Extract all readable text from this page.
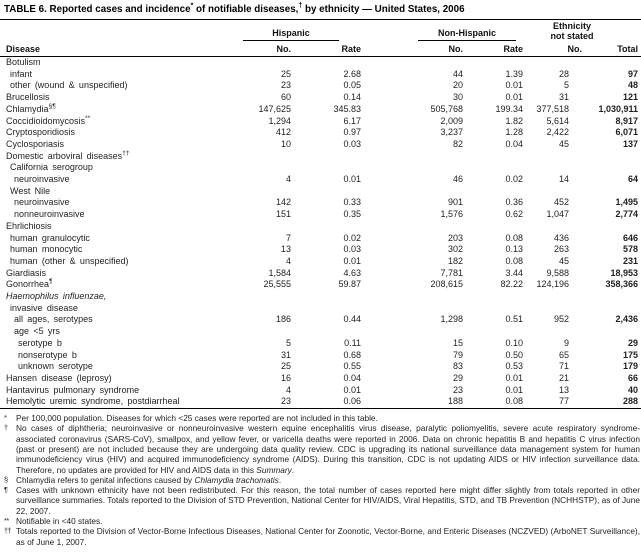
TABLE 6. Reported cases and incidence* of notifiable diseases,† by ethnicity — United States, 2006

Hispanic	Non-Hispanic	Ethnicity
not stated

Disease	No.	Rate	No.	Rate	No.	Total
Botulism						
infant	25	2.68	44	1.39	28	97
other (wound & unspecified)	23	0.05	20	0.01	5	48
Brucellosis	60	0.14	30	0.01	31	121
Chlamydia§¶	147,625	345.83	505,768	199.34	377,518	1,030,911
Coccidioidomycosis**	1,294	6.17	2,009	1.82	5,614	8,917
Cryptosporidiosis	412	0.97	3,237	1.28	2,422	6,071
Cyclosporiasis	10	0.03	82	0.04	45	137
Domestic arboviral diseases††						
California serogroup						
neuroinvasive	4	0.01	46	0.02	14	64
West Nile						
neuroinvasive	142	0.33	901	0.36	452	1,495
nonneuroinvasive	151	0.35	1,576	0.62	1,047	2,774
Ehrlichiosis						
human granulocytic	7	0.02	203	0.08	436	646
human monocytic	13	0.03	302	0.13	263	578
human (other & unspecified)	4	0.01	182	0.08	45	231
Giardiasis	1,584	4.63	7,781	3.44	9,588	18,953
Gonorrhea¶	25,555	59.87	208,615	82.22	124,196	358,366
Haemophilus influenzae,						
invasive disease						
all ages, serotypes	186	0.44	1,298	0.51	952	2,436
age <5 yrs						
serotype b	5	0.11	15	0.10	9	29
nonserotype b	31	0.68	79	0.50	65	175
unknown serotype	25	0.55	83	0.53	71	179
Hansen disease (leprosy)	16	0.04	29	0.01	21	66
Hantavirus pulmonary syndrome	4	0.01	23	0.01	13	40
Hemolytic uremic syndrome, postdiarrheal	23	0.06	188	0.08	77	288
* Per 100,000 population. Diseases for which <25 cases were reported are not included in this table.
† No cases of diphtheria; neuroinvasive or nonneuroinvasive western equine encephalitis virus disease, paralytic poliomyelitis, severe acute respiratory syndrome-associated coronavirus (SARS-CoV), smallpox, and yellow fever, or varicella deaths were reported in 2006. Data on chronic hepatitis B and hepatitis C virus infection (past or present) are not included because they are undergoing data quality review. CDC is upgrading its national surveillance data management system for human immunodeficiency virus (HIV) and acquired immunodeficiency syndrome (AIDS). During this transition, CDC is not updating AIDS or HIV infection surveillance data. Therefore, no updates are provided for HIV and AIDS data in this Summary.
§ Chlamydia refers to genital infections caused by Chlamydia trachomatis.
¶ Cases with unknown ethnicity have not been redistributed. For this reason, the total number of cases reported here might differ slightly from totals reported in other surveillance summaries. Totals reported to the Division of STD Prevention, National Center for HIV/AIDS, Viral Hepatitis, STD, and TB Prevention (NCHHSTP), as of June 22, 2007.
** Notifiable in <40 states.
†† Totals reported to the Division of Vector-Borne Infectious Diseases, National Center for Zoonotic, Vector-Borne, and Enteric Diseases (NCZVED) (ArboNET Surveillance), as of June 1, 2007.
